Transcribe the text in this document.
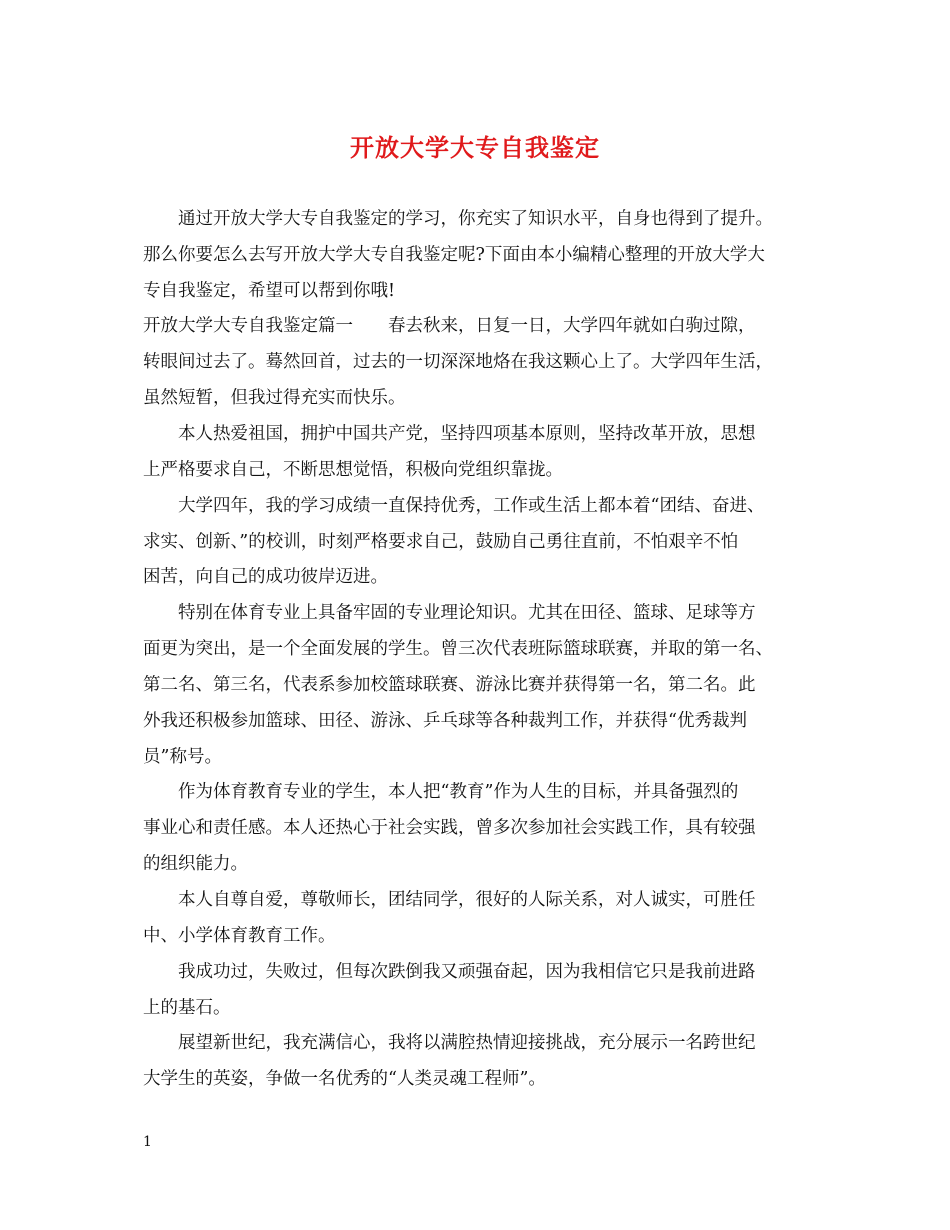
开放大学大专自我鉴定

通过开放大学大专自我鉴定的学习，你充实了知识水平，自身也得到了提升。

那么你要怎么去写开放大学大专自我鉴定呢?下面由本小编精心整理的开放大学大

专自我鉴定，希望可以帮到你哦!

开放大学大专自我鉴定篇一　　春去秋来，日复一日，大学四年就如白驹过隙，

转眼间过去了。蓦然回首，过去的一切深深地烙在我这颗心上了。大学四年生活，

虽然短暂，但我过得充实而快乐。

本人热爱祖国，拥护中国共产党，坚持四项基本原则，坚持改革开放，思想

上严格要求自己，不断思想觉悟，积极向党组织靠拢。

大学四年，我的学习成绩一直保持优秀，工作或生活上都本着“团结、奋进、

求实、创新、”的校训，时刻严格要求自己，鼓励自己勇往直前，不怕艰辛不怕

困苦，向自己的成功彼岸迈进。

特别在体育专业上具备牢固的专业理论知识。尤其在田径、篮球、足球等方

面更为突出，是一个全面发展的学生。曾三次代表班际篮球联赛，并取的第一名、

第二名、第三名，代表系参加校篮球联赛、游泳比赛并获得第一名，第二名。此

外我还积极参加篮球、田径、游泳、乒乓球等各种裁判工作，并获得“优秀裁判

员”称号。

作为体育教育专业的学生，本人把“教育”作为人生的目标，并具备强烈的

事业心和责任感。本人还热心于社会实践，曾多次参加社会实践工作，具有较强

的组织能力。

本人自尊自爱，尊敬师长，团结同学，很好的人际关系，对人诚实，可胜任

中、小学体育教育工作。

我成功过，失败过，但每次跌倒我又顽强奋起，因为我相信它只是我前进路

上的基石。

展望新世纪，我充满信心，我将以满腔热情迎接挑战，充分展示一名跨世纪

大学生的英姿，争做一名优秀的“人类灵魂工程师”。

1
